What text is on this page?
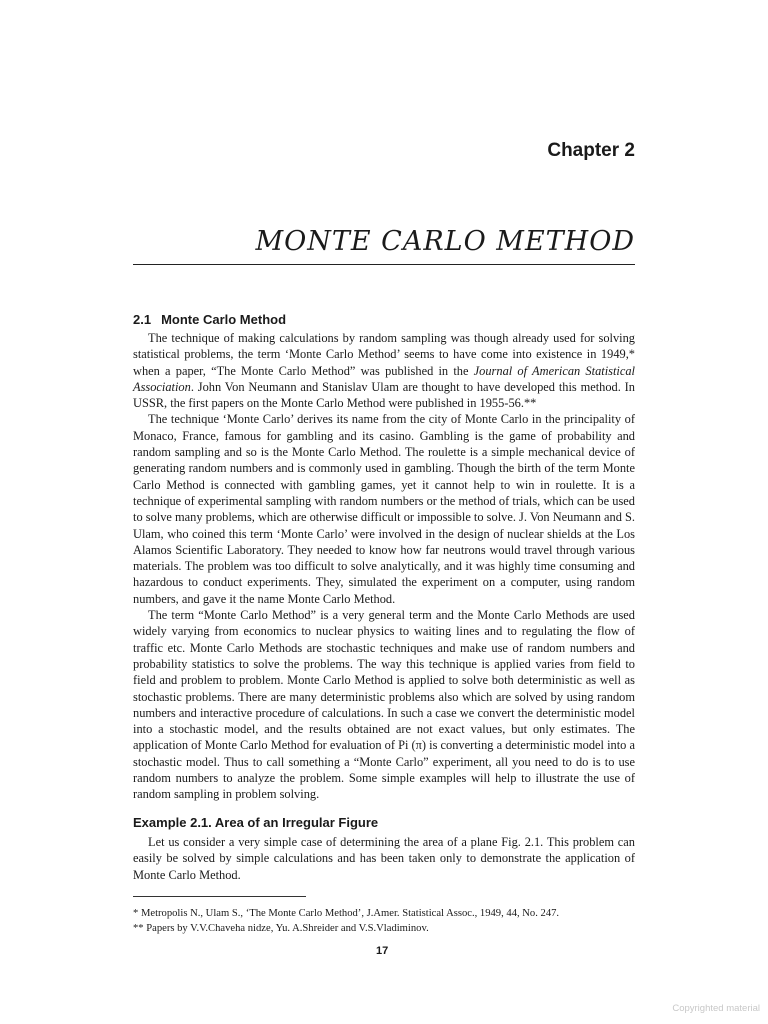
Chapter 2
MONTE CARLO METHOD
2.1 Monte Carlo Method

The technique of making calculations by random sampling was though already used for solving statistical problems, the term ‘Monte Carlo Method’ seems to have come into existence in 1949,* when a paper, “The Monte Carlo Method” was published in the Journal of American Statistical Association. John Von Neumann and Stanislav Ulam are thought to have developed this method. In USSR, the first papers on the Monte Carlo Method were published in 1955-56.**

The technique ‘Monte Carlo’ derives its name from the city of Monte Carlo in the principality of Monaco, France, famous for gambling and its casino. Gambling is the game of probability and random sampling and so is the Monte Carlo Method. The roulette is a simple mechanical device of generating random numbers and is commonly used in gambling. Though the birth of the term Monte Carlo Method is connected with gambling games, yet it cannot help to win in roulette. It is a technique of experimental sampling with random numbers or the method of trials, which can be used to solve many problems, which are otherwise difficult or impossible to solve. J. Von Neumann and S. Ulam, who coined this term ‘Monte Carlo’ were involved in the design of nuclear shields at the Los Alamos Scientific Laboratory. They needed to know how far neutrons would travel through various materials. The problem was too difficult to solve analytically, and it was highly time consuming and hazardous to conduct experiments. They, simulated the experiment on a computer, using random numbers, and gave it the name Monte Carlo Method.

The term “Monte Carlo Method” is a very general term and the Monte Carlo Methods are used widely varying from economics to nuclear physics to waiting lines and to regulating the flow of traffic etc. Monte Carlo Methods are stochastic techniques and make use of random numbers and probability statistics to solve the problems. The way this technique is applied varies from field to field and problem to problem. Monte Carlo Method is applied to solve both deterministic as well as stochastic problems. There are many deterministic problems also which are solved by using random numbers and interactive procedure of calculations. In such a case we convert the deterministic model into a stochastic model, and the results obtained are not exact values, but only estimates. The application of Monte Carlo Method for evaluation of Pi (π) is converting a deterministic model into a stochastic model. Thus to call something a “Monte Carlo” experiment, all you need to do is to use random numbers to analyze the problem. Some simple examples will help to illustrate the use of random sampling in problem solving.

Example 2.1. Area of an Irregular Figure

Let us consider a very simple case of determining the area of a plane Fig. 2.1. This problem can easily be solved by simple calculations and has been taken only to demonstrate the application of Monte Carlo Method.

* Metropolis N., Ulam S., ‘The Monte Carlo Method’, J.Amer. Statistical Assoc., 1949, 44, No. 247.
** Papers by V.V.Chaveha nidze, Yu. A.Shreider and V.S.Vladiminov.
17
Copyrighted material
